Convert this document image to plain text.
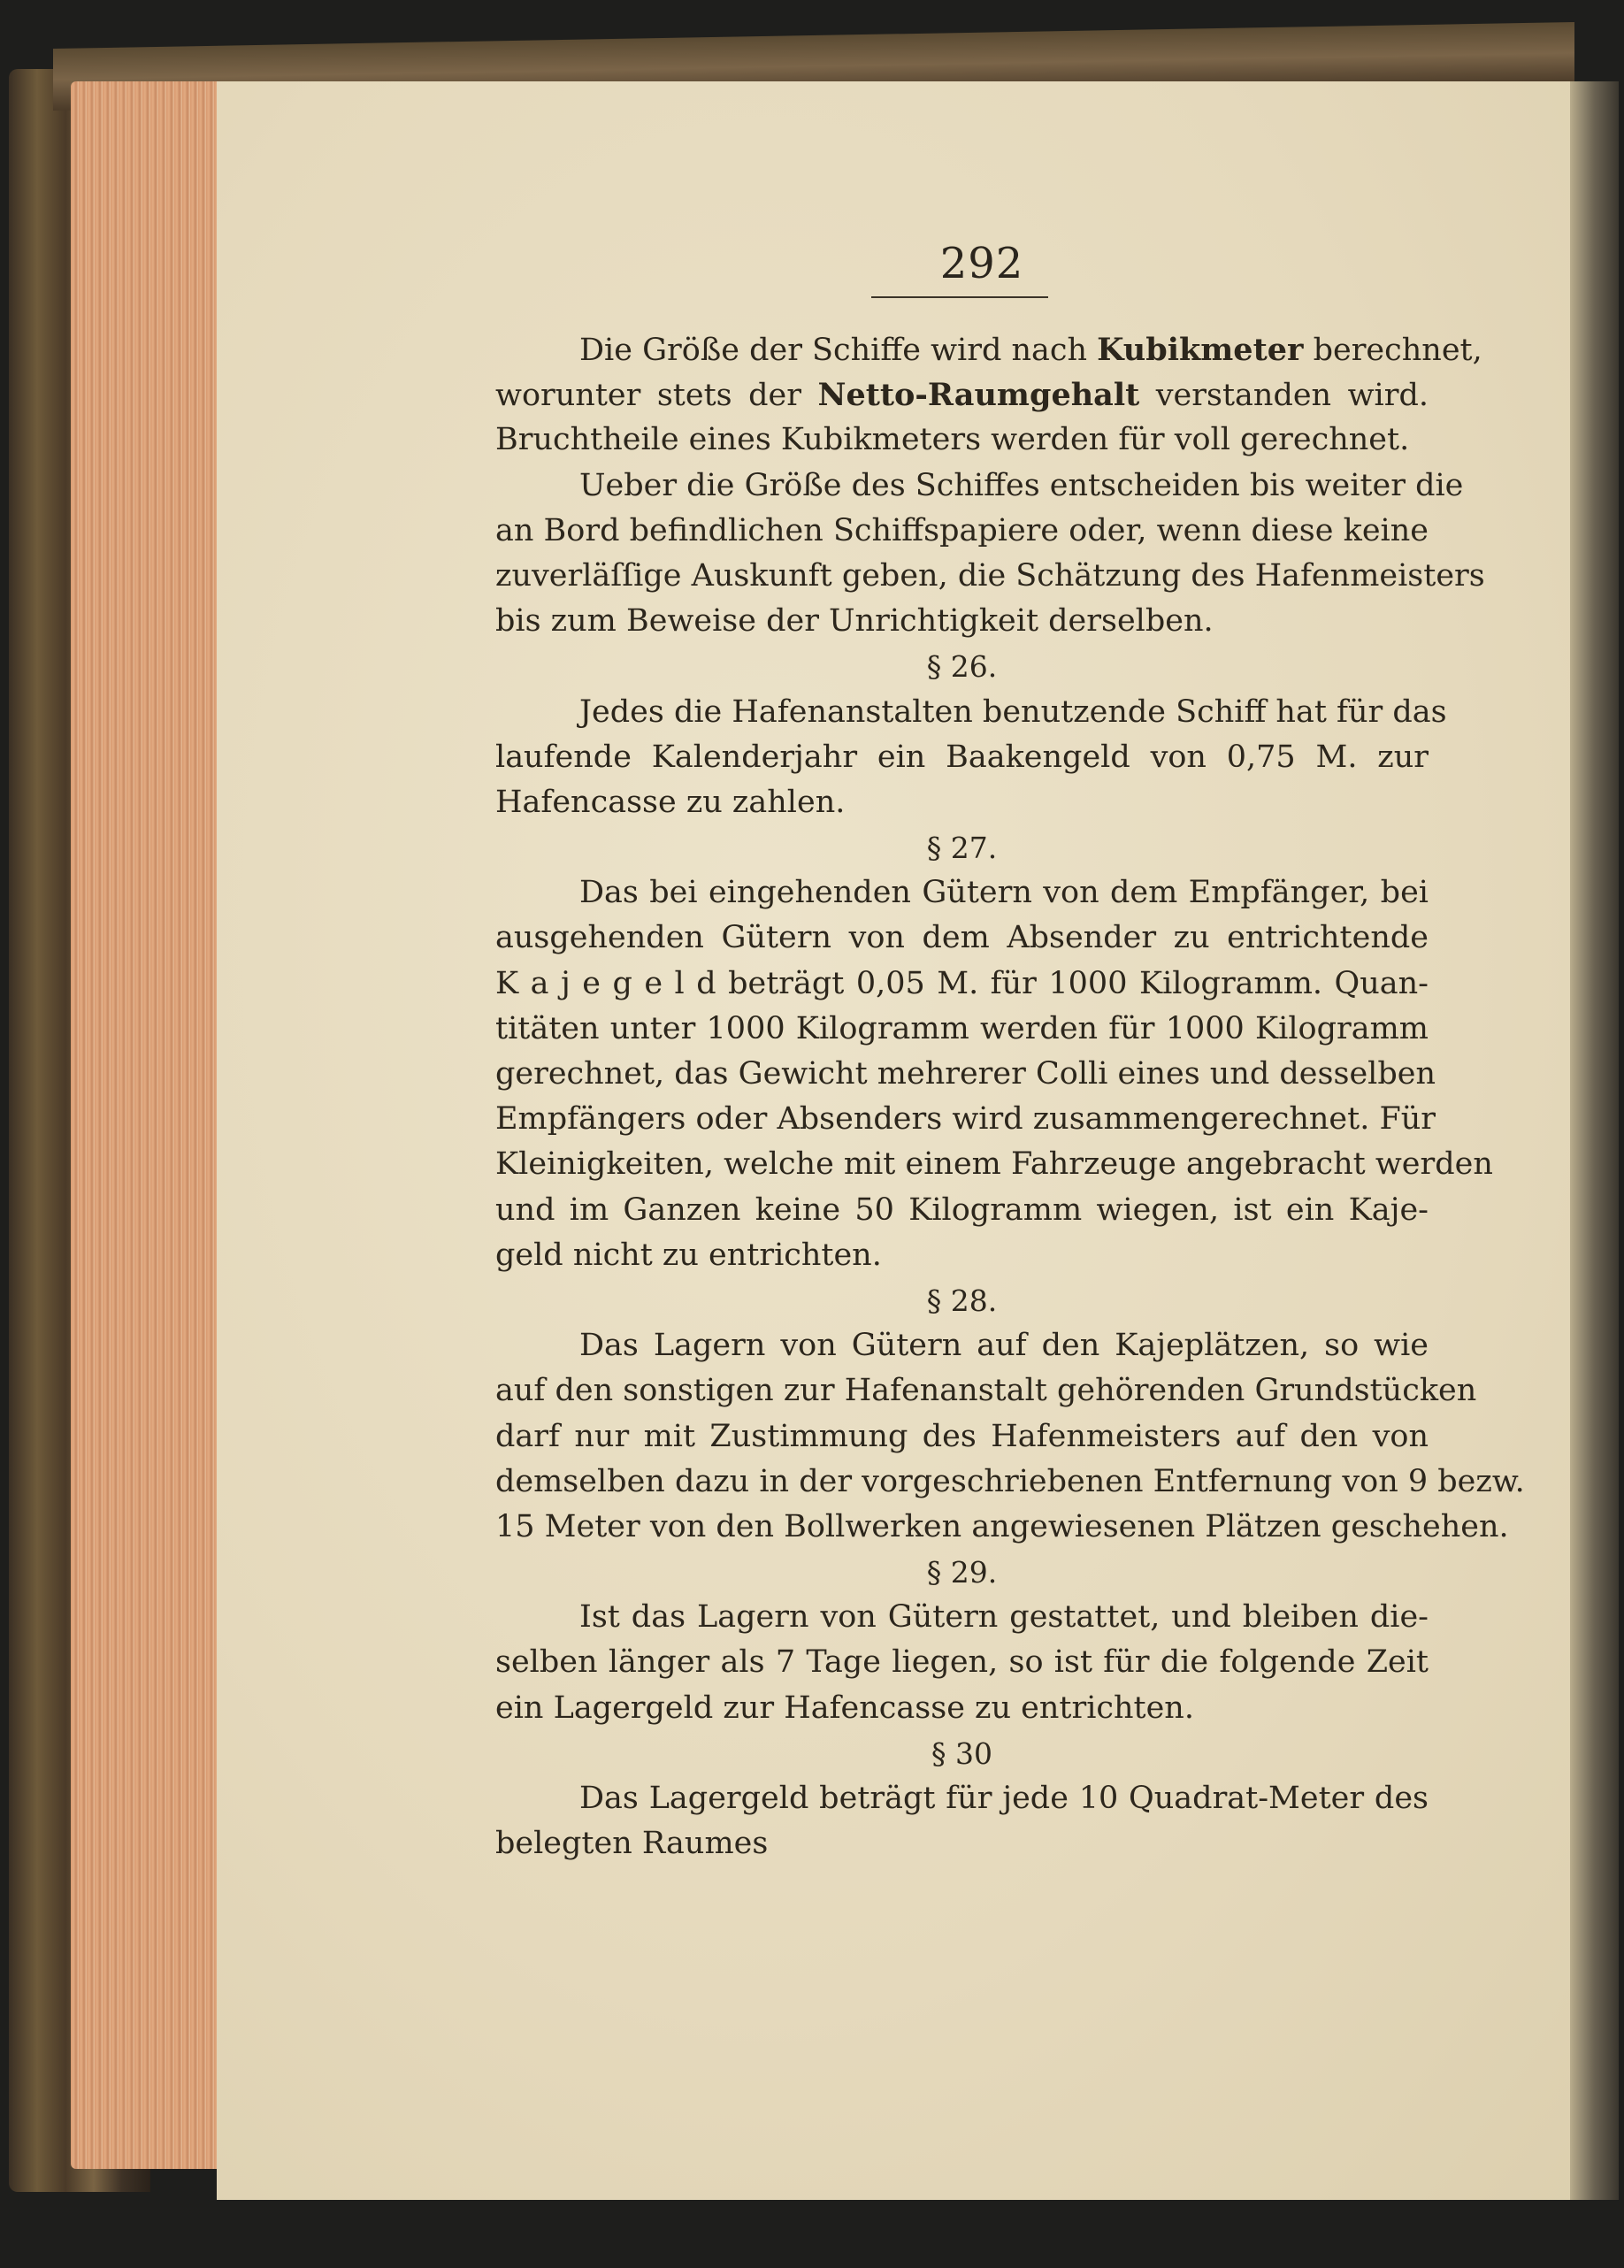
292
Die Größe der Schiffe wird nach Kubikmeter berechnet,
worunter stets der Netto-Raumgehalt verstanden wird.
Bruchtheile eines Kubikmeters werden für voll gerechnet.
Ueber die Größe des Schiffes entscheiden bis weiter die
an Bord befindlichen Schiffspapiere oder, wenn diese keine
zuverläſſige Auskunft geben, die Schätzung des Hafenmeisters
bis zum Beweise der Unrichtigkeit derselben.
§ 26.
Jedes die Hafenanstalten benutzende Schiff hat für das
laufende Kalenderjahr ein Baakengeld von 0,75 M. zur
Hafencasse zu zahlen.
§ 27.
Das bei eingehenden Gütern von dem Empfänger, bei
ausgehenden Gütern von dem Absender zu entrichtende
K a j e g e l d beträgt 0,05 M. für 1000 Kilogramm. Quan-
titäten unter 1000 Kilogramm werden für 1000 Kilogramm
gerechnet, das Gewicht mehrerer Colli eines und desselben
Empfängers oder Absenders wird zusammengerechnet. Für
Kleinigkeiten, welche mit einem Fahrzeuge angebracht werden
und im Ganzen keine 50 Kilogramm wiegen, ist ein Kaje-
geld nicht zu entrichten.
§ 28.
Das Lagern von Gütern auf den Kajeplätzen, so wie
auf den sonstigen zur Hafenanstalt gehörenden Grundstücken
darf nur mit Zustimmung des Hafenmeisters auf den von
demselben dazu in der vorgeschriebenen Entfernung von 9 bezw.
15 Meter von den Bollwerken angewiesenen Plätzen geschehen.
§ 29.
Ist das Lagern von Gütern gestattet, und bleiben die-
selben länger als 7 Tage liegen, so ist für die folgende Zeit
ein Lagergeld zur Hafencasse zu entrichten.
§ 30
Das Lagergeld beträgt für jede 10 Quadrat-Meter des
belegten Raumes
